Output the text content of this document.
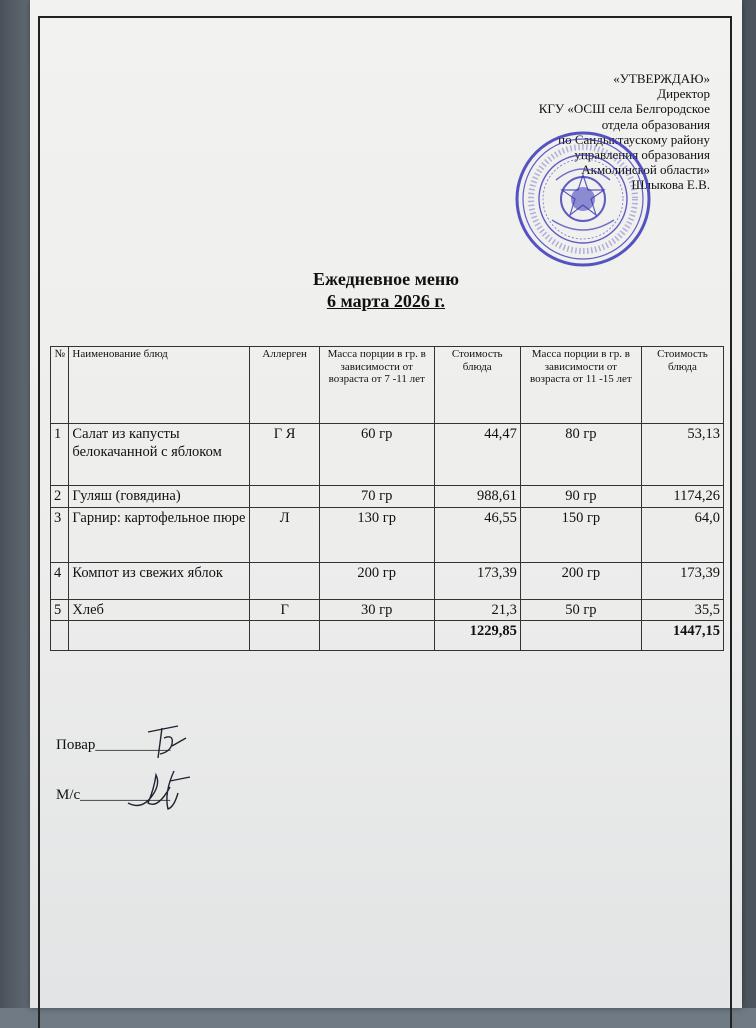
«УТВЕРЖДАЮ»
Директор
КГУ «ОСШ села Белгородское
отдела образования
по Сандыктаускому району
управления образования
Акмолинской области»
Шлыкова Е.В.
Ежедневное меню
6 марта 2026 г.
№	Наименование блюд	Аллерген	Масса порции в гр. в зависимости от возраста от 7 -11 лет	Стоимость блюда	Масса порции в гр. в зависимости от возраста от 11 -15 лет	Стоимость блюда
1	Салат из капусты белокачанной с яблоком	Г Я	60 гр	44,47	80 гр	53,13
2	Гуляш (говядина)		70 гр	988,61	90 гр	1174,26
3	Гарнир: картофельное пюре	Л	130 гр	46,55	150 гр	64,0
4	Компот из свежих яблок		200 гр	173,39	200 гр	173,39
5	Хлеб	Г	30 гр	21,3	50 гр	35,5
				1229,85		1447,15
Повар__________
М/с____________
